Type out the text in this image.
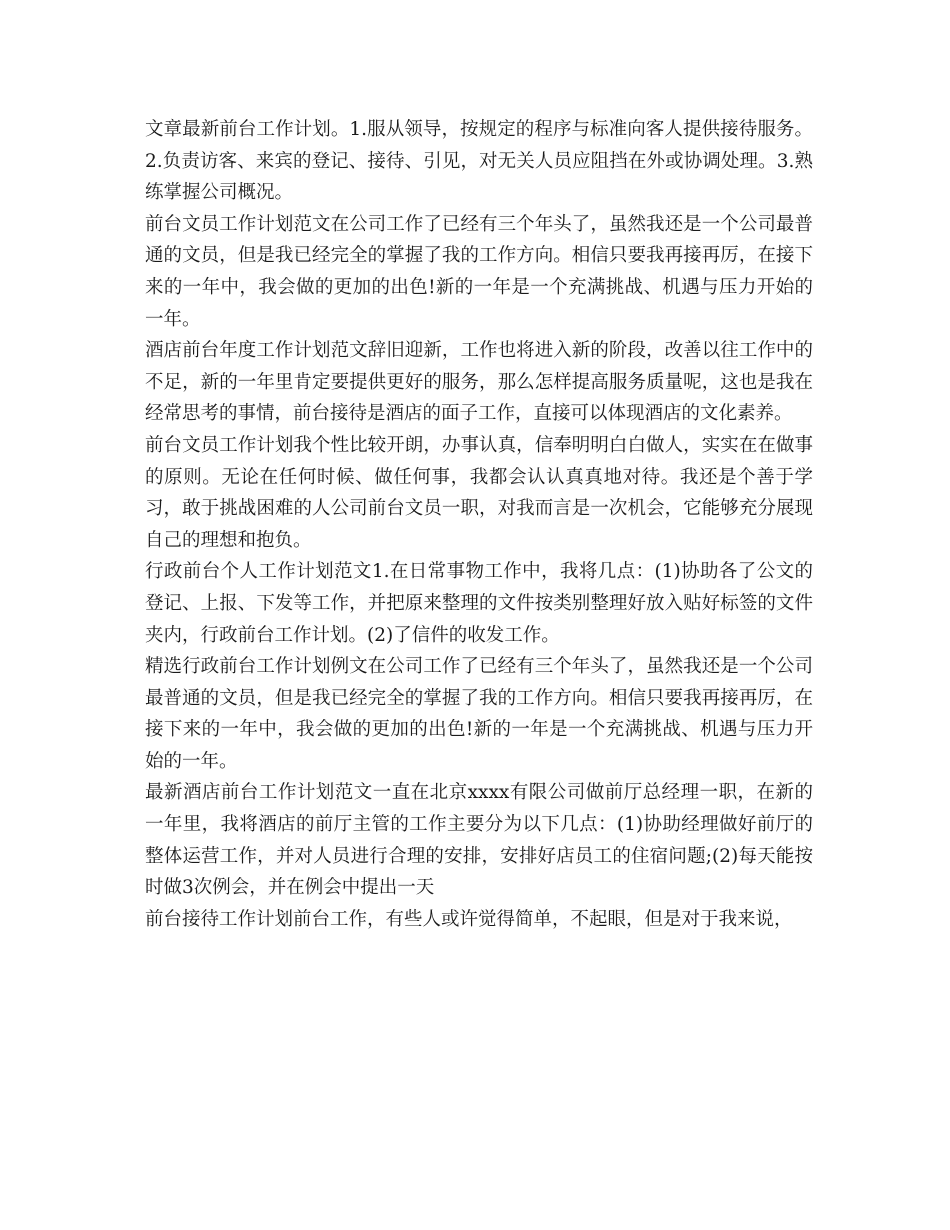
文章最新前台工作计划。1.服从领导，按规定的程序与标准向客人提供接待服务。2.负责访客、来宾的登记、接待、引见，对无关人员应阻挡在外或协调处理。3.熟练掌握公司概况。

前台文员工作计划范文在公司工作了已经有三个年头了，虽然我还是一个公司最普通的文员，但是我已经完全的掌握了我的工作方向。相信只要我再接再厉，在接下来的一年中，我会做的更加的出色!新的一年是一个充满挑战、机遇与压力开始的一年。

酒店前台年度工作计划范文辞旧迎新，工作也将进入新的阶段，改善以往工作中的不足，新的一年里肯定要提供更好的服务，那么怎样提高服务质量呢，这也是我在经常思考的事情，前台接待是酒店的面子工作，直接可以体现酒店的文化素养。

前台文员工作计划我个性比较开朗，办事认真，信奉明明白白做人，实实在在做事的原则。无论在任何时候、做任何事，我都会认认真真地对待。我还是个善于学习，敢于挑战困难的人公司前台文员一职，对我而言是一次机会，它能够充分展现自己的理想和抱负。

行政前台个人工作计划范文1.在日常事物工作中，我将几点：(1)协助各了公文的登记、上报、下发等工作，并把原来整理的文件按类别整理好放入贴好标签的文件夹内，行政前台工作计划。(2)了信件的收发工作。

精选行政前台工作计划例文在公司工作了已经有三个年头了，虽然我还是一个公司最普通的文员，但是我已经完全的掌握了我的工作方向。相信只要我再接再厉，在接下来的一年中，我会做的更加的出色!新的一年是一个充满挑战、机遇与压力开始的一年。

最新酒店前台工作计划范文一直在北京xxxx有限公司做前厅总经理一职，在新的一年里，我将酒店的前厅主管的工作主要分为以下几点：(1)协助经理做好前厅的整体运营工作，并对人员进行合理的安排，安排好店员工的住宿问题;(2)每天能按时做3次例会，并在例会中提出一天

前台接待工作计划前台工作，有些人或许觉得简单，不起眼，但是对于我来说，
